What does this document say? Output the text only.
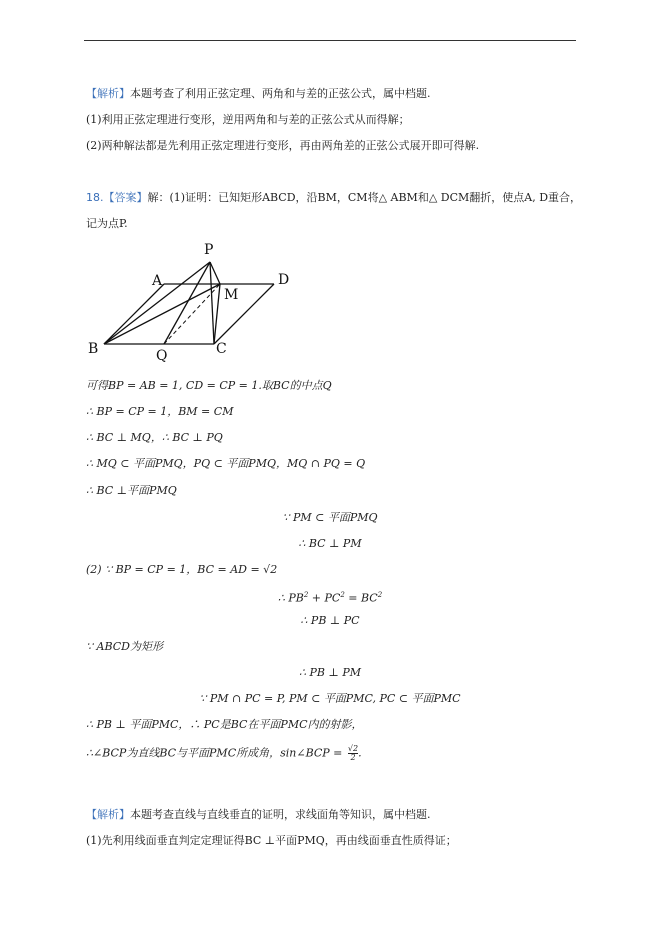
【解析】本题考查了利用正弦定理、两角和与差的正弦公式，属中档题.
(1)利用正弦定理进行变形，逆用两角和与差的正弦公式从而得解；
(2)两种解法都是先利用正弦定理进行变形，再由两角差的正弦公式展开即可得解.
18.【答案】解：(1)证明：已知矩形ABCD，沿BM，CM将△ ABM和△ DCM翻折，使点A, D重合，
记为点P.
P
A
M
D
B	Q	C
可得BP = AB = 1, CD = CP = 1.取BC的中点Q
∴ BP = CP = 1，BM = CM
∴ BC ⊥ MQ，∴ BC ⊥ PQ
∴ MQ ⊂ 平面PMQ，PQ ⊂ 平面PMQ，MQ ∩ PQ = Q
∴ BC ⊥平面PMQ
∵ PM ⊂ 平面PMQ
∴ BC ⊥ PM
(2) ∵ BP = CP = 1，BC = AD = √2
∴ $PB^2 + PC^2 = BC^2$
∴ PB ⊥ PC
∵ ABCD为矩形
∴ PB ⊥ PM
∵ PM ∩ PC = P, PM ⊂ 平面PMC, PC ⊂ 平面PMC
∴ PB ⊥ 平面PMC，∴ PC是BC在平面PMC内的射影，
∴∠BCP为直线BC与平面PMC所成角，sin∠BCP = $\frac{√2}{2}$ .
【解析】本题考查直线与直线垂直的证明，求线面角等知识，属中档题.
(1)先利用线面垂直判定定理证得BC ⊥平面PMQ，再由线面垂直性质得证；
